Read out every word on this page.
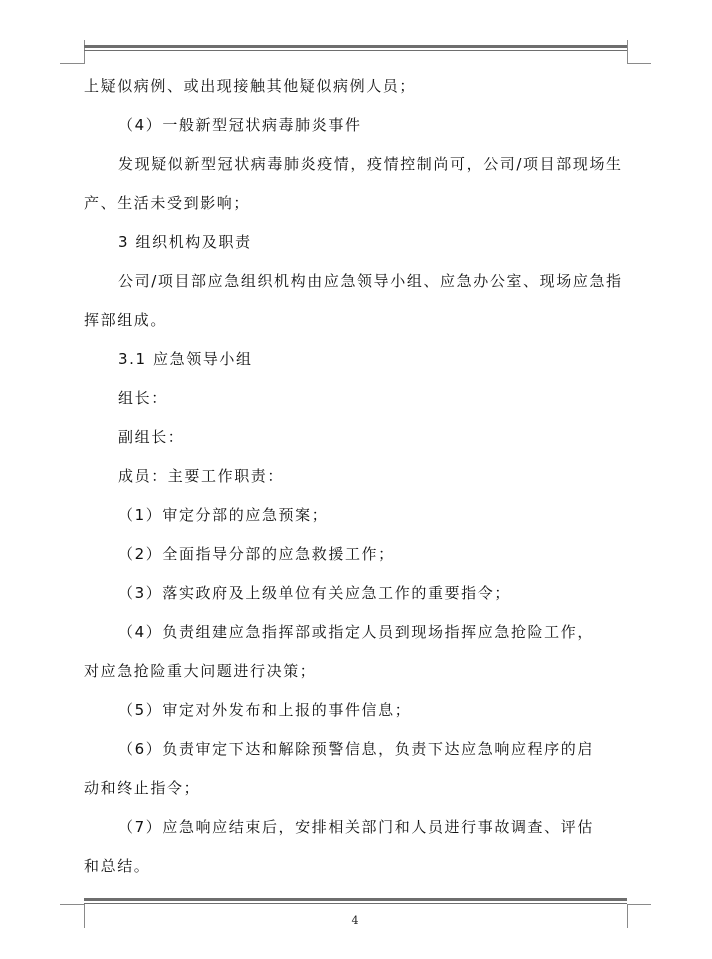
上疑似病例、或出现接触其他疑似病例人员；
（4）一般新型冠状病毒肺炎事件
发现疑似新型冠状病毒肺炎疫情，疫情控制尚可，公司/项目部现场生
产、生活未受到影响；
3 组织机构及职责
公司/项目部应急组织机构由应急领导小组、应急办公室、现场应急指
挥部组成。
3.1 应急领导小组
组长：
副组长：
成员：主要工作职责：
（1）审定分部的应急预案；
（2）全面指导分部的应急救援工作；
（3）落实政府及上级单位有关应急工作的重要指令；
（4）负责组建应急指挥部或指定人员到现场指挥应急抢险工作，
对应急抢险重大问题进行决策；
（5）审定对外发布和上报的事件信息；
（6）负责审定下达和解除预警信息，负责下达应急响应程序的启
动和终止指令；
（7）应急响应结束后，安排相关部门和人员进行事故调查、评估
和总结。
4
